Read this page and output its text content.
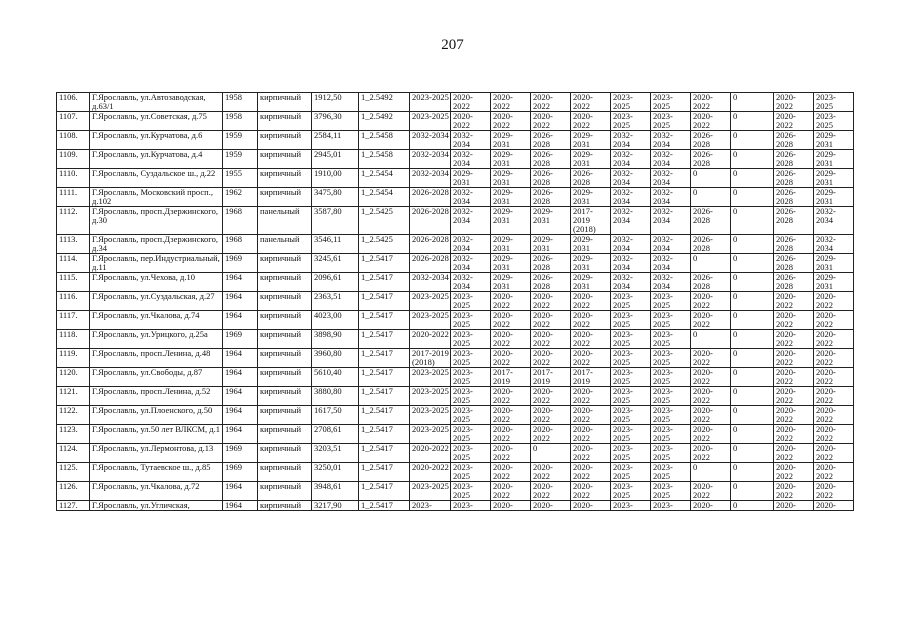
207
1106.	Г.Ярославль, ул.Автозаводская, д.63/1	1958	кирпичный	1912,50	1_2.5492	2023-2025	2020-2022	2020-2022	2020-2022	2020-2022	2023-2025	2023-2025	2020-2022	0	2020-2022	2023-2025
1107.	Г.Ярославль, ул.Советская, д.75	1958	кирпичный	3796,30	1_2.5492	2023-2025	2020-2022	2020-2022	2020-2022	2020-2022	2023-2025	2023-2025	2020-2022	0	2020-2022	2023-2025
1108.	Г.Ярославль, ул.Курчатова, д.6	1959	кирпичный	2584,11	1_2.5458	2032-2034	2032-2034	2029-2031	2026-2028	2029-2031	2032-2034	2032-2034	2026-2028	0	2026-2028	2029-2031
1109.	Г.Ярославль, ул.Курчатова, д.4	1959	кирпичный	2945,01	1_2.5458	2032-2034	2032-2034	2029-2031	2026-2028	2029-2031	2032-2034	2032-2034	2026-2028	0	2026-2028	2029-2031
1110.	Г.Ярославль, Суздальское ш., д.22	1955	кирпичный	1910,00	1_2.5454	2032-2034	2029-2031	2029-2031	2026-2028	2026-2028	2032-2034	2032-2034	0	0	2026-2028	2029-2031
1111.	Г.Ярославль, Московский просп., д.102	1962	кирпичный	3475,80	1_2.5454	2026-2028	2032-2034	2029-2031	2026-2028	2029-2031	2032-2034	2032-2034	0	0	2026-2028	2029-2031
1112.	Г.Ярославль, просп.Дзержинского, д.30	1968	панельный	3587,80	1_2.5425	2026-2028	2032-2034	2029-2031	2029-2031	2017-2019 (2018)	2032-2034	2032-2034	2026-2028	0	2026-2028	2032-2034
1113.	Г.Ярославль, просп.Дзержинского, д.34	1968	панельный	3546,11	1_2.5425	2026-2028	2032-2034	2029-2031	2029-2031	2029-2031	2032-2034	2032-2034	2026-2028	0	2026-2028	2032-2034
1114.	Г.Ярославль, пер.Индустриальный, д.11	1969	кирпичный	3245,61	1_2.5417	2026-2028	2032-2034	2029-2031	2026-2028	2029-2031	2032-2034	2032-2034	0	0	2026-2028	2029-2031
1115.	Г.Ярославль, ул.Чехова, д.10	1964	кирпичный	2096,61	1_2.5417	2032-2034	2032-2034	2029-2031	2026-2028	2029-2031	2032-2034	2032-2034	2026-2028	0	2026-2028	2029-2031
1116.	Г.Ярославль, ул.Суздальская, д.27	1964	кирпичный	2363,51	1_2.5417	2023-2025	2023-2025	2020-2022	2020-2022	2020-2022	2023-2025	2023-2025	2020-2022	0	2020-2022	2020-2022
1117.	Г.Ярославль, ул.Чкалова, д.74	1964	кирпичный	4023,00	1_2.5417	2023-2025	2023-2025	2020-2022	2020-2022	2020-2022	2023-2025	2023-2025	2020-2022	0	2020-2022	2020-2022
1118.	Г.Ярославль, ул.Урицкого, д.25а	1969	кирпичный	3898,90	1_2.5417	2020-2022	2023-2025	2020-2022	2020-2022	2020-2022	2023-2025	2023-2025	0	0	2020-2022	2020-2022
1119.	Г.Ярославль, просп.Ленина, д.48	1964	кирпичный	3960,80	1_2.5417	2017-2019 (2018)	2023-2025	2020-2022	2020-2022	2020-2022	2023-2025	2023-2025	2020-2022	0	2020-2022	2020-2022
1120.	Г.Ярославль, ул.Свободы, д.87	1964	кирпичный	5610,40	1_2.5417	2023-2025	2023-2025	2017-2019	2017-2019	2017-2019	2023-2025	2023-2025	2020-2022	0	2020-2022	2020-2022
1121.	Г.Ярославль, просп.Ленина, д.52	1964	кирпичный	3880,80	1_2.5417	2023-2025	2023-2025	2020-2022	2020-2022	2020-2022	2023-2025	2023-2025	2020-2022	0	2020-2022	2020-2022
1122.	Г.Ярославль, ул.Плоенского, д.50	1964	кирпичный	1617,50	1_2.5417	2023-2025	2023-2025	2020-2022	2020-2022	2020-2022	2023-2025	2023-2025	2020-2022	0	2020-2022	2020-2022
1123.	Г.Ярославль, ул.50 лет ВЛКСМ, д.1	1964	кирпичный	2708,61	1_2.5417	2023-2025	2023-2025	2020-2022	2020-2022	2020-2022	2023-2025	2023-2025	2020-2022	0	2020-2022	2020-2022
1124.	Г.Ярославль, ул.Лермонтова, д.13	1969	кирпичный	3203,51	1_2.5417	2020-2022	2023-2025	2020-2022	0	2020-2022	2023-2025	2023-2025	2020-2022	0	2020-2022	2020-2022
1125.	Г.Ярославль, Тутаевское ш., д.85	1969	кирпичный	3250,01	1_2.5417	2020-2022	2023-2025	2020-2022	2020-2022	2020-2022	2023-2025	2023-2025	0	0	2020-2022	2020-2022
1126.	Г.Ярославль, ул.Чкалова, д.72	1964	кирпичный	3948,61	1_2.5417	2023-2025	2023-2025	2020-2022	2020-2022	2020-2022	2023-2025	2023-2025	2020-2022	0	2020-2022	2020-2022
1127.	Г.Ярославль, ул.Угличская,	1964	кирпичный	3217,90	1_2.5417	2023-	2023-	2020-	2020-	2020-	2023-	2023-	2020-	0	2020-	2020-
